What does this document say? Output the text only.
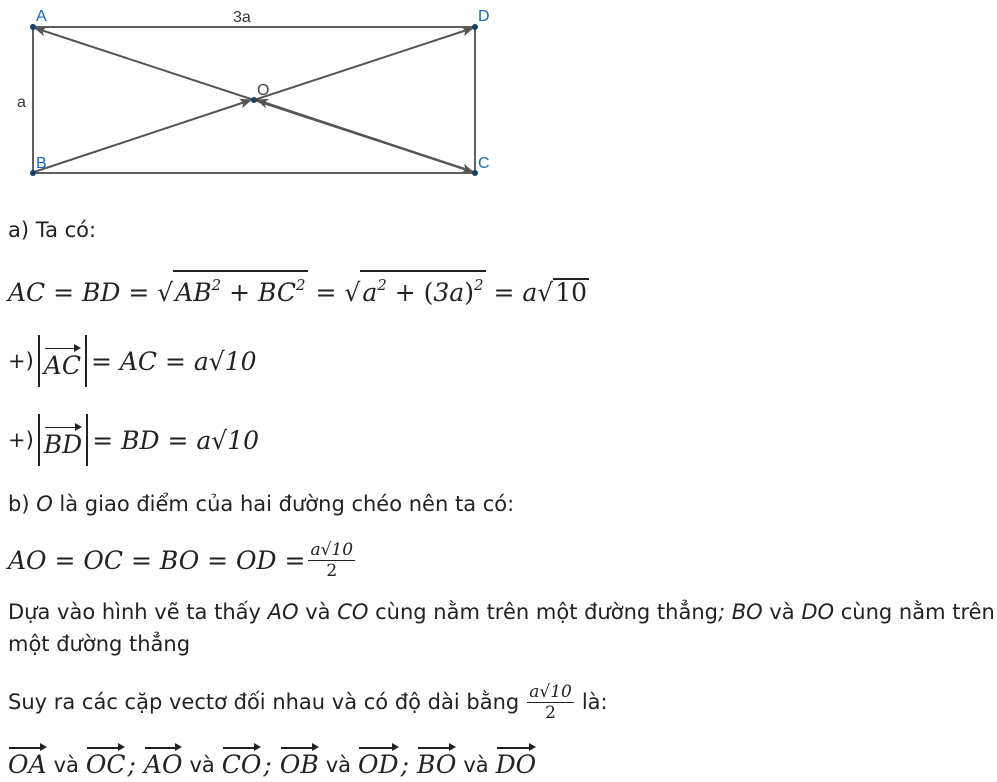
A	D
B	C
O
3a
a
a) Ta có:
AC = BD = $√AB^2 + BC^2 = √a^2 + (3a)^2 = a√10$
+) AC = AC = a√10
+) BD = BD = a√10
b) O là giao điểm của hai đường chéo nên ta có:
AO = OC = BO = OD = $\frac{a√10}{2}$
Dựa vào hình vẽ ta thấy AO và CO cùng nằm trên một đường thẳng; BO và DO cùng nằm trên
một đường thẳng
Suy ra các cặp vectơ đối nhau và có độ dài bằng $\frac{a√10}{2}$ là:
OA và OC ; AO và CO ; OB và OD ; BO và DO
